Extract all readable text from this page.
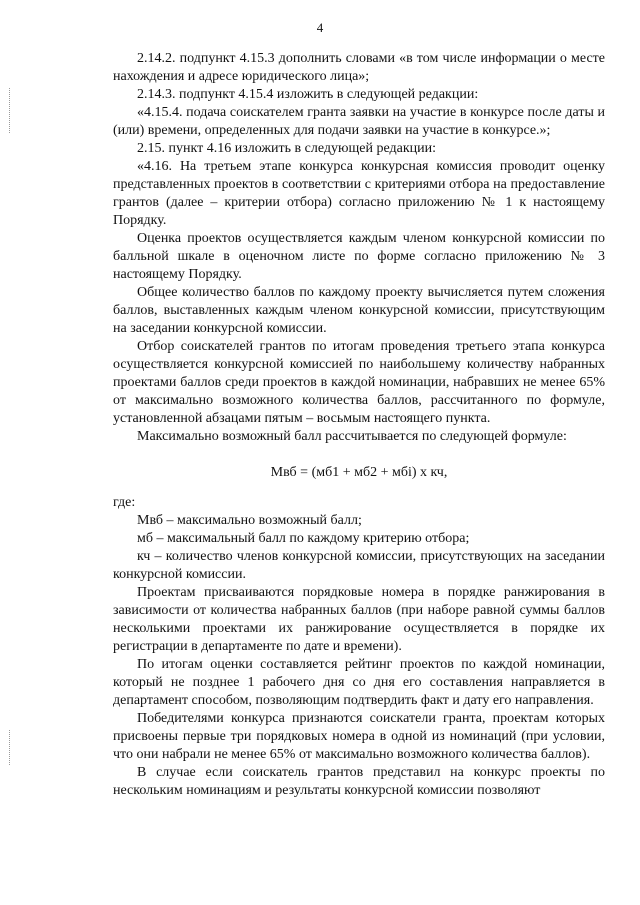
4

2.14.2. подпункт 4.15.3 дополнить словами «в том числе информации о месте нахождения и адресе юридического лица»;

2.14.3. подпункт 4.15.4 изложить в следующей редакции:

«4.15.4. подача соискателем гранта заявки на участие в конкурсе после даты и (или) времени, определенных для подачи заявки на участие в конкурсе.»;

2.15. пункт 4.16 изложить в следующей редакции:

«4.16. На третьем этапе конкурса конкурсная комиссия проводит оценку представленных проектов в соответствии с критериями отбора на предоставление грантов (далее – критерии отбора) согласно приложению № 1 к настоящему Порядку.

Оценка проектов осуществляется каждым членом конкурсной комиссии по балльной шкале в оценочном листе по форме согласно приложению № 3 настоящему Порядку.

Общее количество баллов по каждому проекту вычисляется путем сложения баллов, выставленных каждым членом конкурсной комиссии, присутствующим на заседании конкурсной комиссии.

Отбор соискателей грантов по итогам проведения третьего этапа конкурса осуществляется конкурсной комиссией по наибольшему количеству набранных проектами баллов среди проектов в каждой номинации, набравших не менее 65% от максимально возможного количества баллов, рассчитанного по формуле, установленной абзацами пятым – восьмым настоящего пункта.

Максимально возможный балл рассчитывается по следующей формуле:

Мвб = (мб1 + мб2 + мбі) х кч,

где:

Мвб – максимально возможный балл;

мб – максимальный балл по каждому критерию отбора;

кч – количество членов конкурсной комиссии, присутствующих на заседании конкурсной комиссии.

Проектам присваиваются порядковые номера в порядке ранжирования в зависимости от количества набранных баллов (при наборе равной суммы баллов несколькими проектами их ранжирование осуществляется в порядке их регистрации в департаменте по дате и времени).

По итогам оценки составляется рейтинг проектов по каждой номинации, который не позднее 1 рабочего дня со дня его составления направляется в департамент способом, позволяющим подтвердить факт и дату его направления.

Победителями конкурса признаются соискатели гранта, проектам которых присвоены первые три порядковых номера в одной из номинаций (при условии, что они набрали не менее 65% от максимально возможного количества баллов).

В случае если соискатель грантов представил на конкурс проекты по нескольким номинациям и результаты конкурсной комиссии позволяют
